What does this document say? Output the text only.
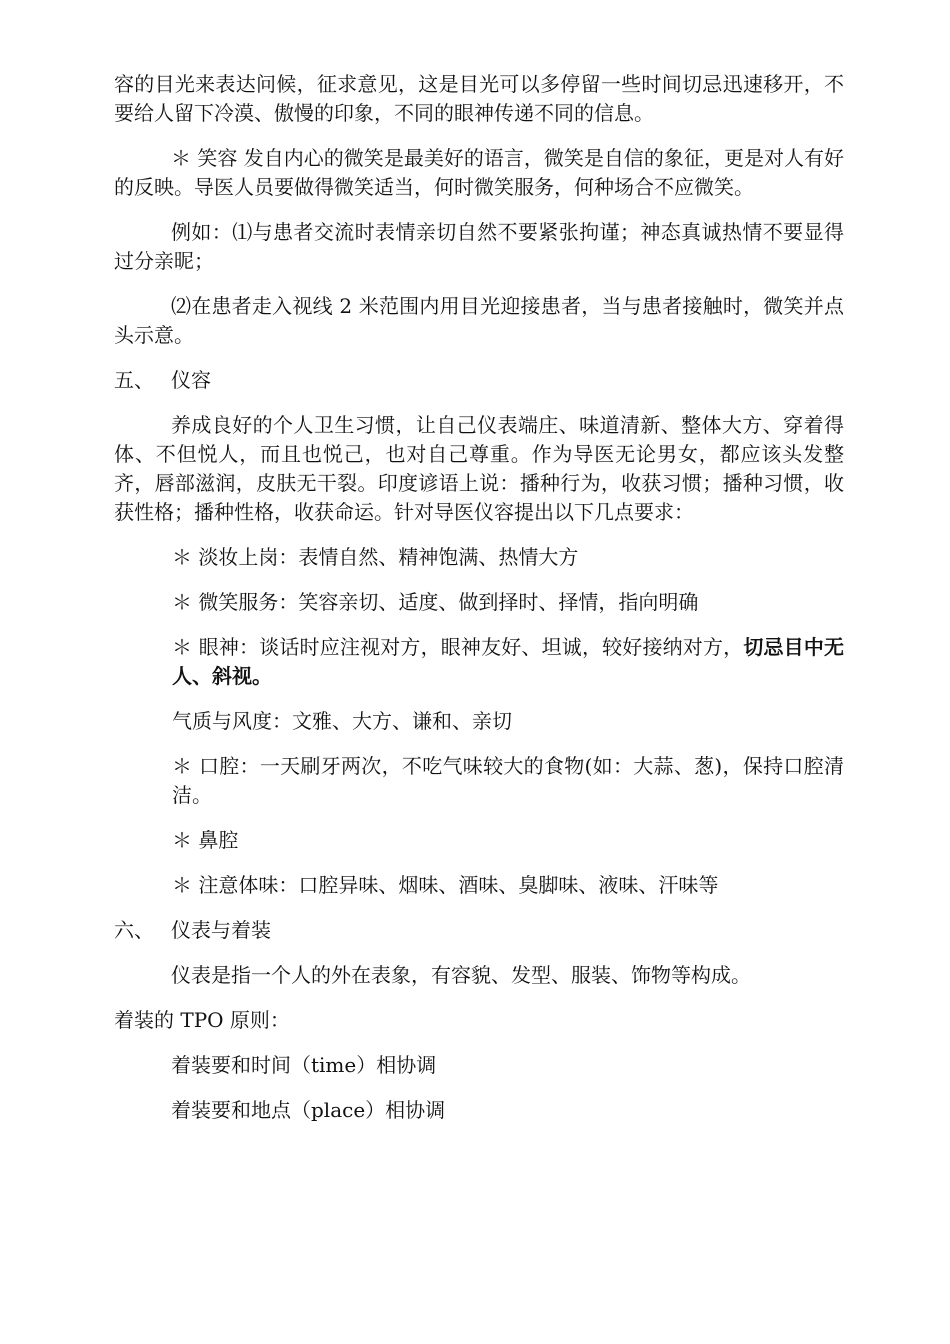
容的目光来表达问候，征求意见，这是目光可以多停留一些时间切忌迅速移开，不要给人留下冷漠、傲慢的印象，不同的眼神传递不同的信息。

＊ 笑容 发自内心的微笑是最美好的语言，微笑是自信的象征，更是对人有好的反映。导医人员要做得微笑适当，何时微笑服务，何种场合不应微笑。

例如：⑴与患者交流时表情亲切自然不要紧张拘谨；神态真诚热情不要显得过分亲昵；

⑵在患者走入视线 2 米范围内用目光迎接患者，当与患者接触时，微笑并点头示意。

五、 仪容

养成良好的个人卫生习惯，让自己仪表端庄、味道清新、整体大方、穿着得体、不但悦人，而且也悦己，也对自己尊重。作为导医无论男女，都应该头发整齐，唇部滋润，皮肤无干裂。印度谚语上说：播种行为，收获习惯；播种习惯，收获性格；播种性格，收获命运。针对导医仪容提出以下几点要求：

＊ 淡妆上岗：表情自然、精神饱满、热情大方

＊ 微笑服务：笑容亲切、适度、做到择时、择情，指向明确

＊ 眼神：谈话时应注视对方，眼神友好、坦诚，较好接纳对方，切忌目中无人、斜视。

气质与风度：文雅、大方、谦和、亲切

＊ 口腔：一天刷牙两次，不吃气味较大的食物(如：大蒜、葱)，保持口腔清洁。

＊ 鼻腔

＊ 注意体味：口腔异味、烟味、酒味、臭脚味、液味、汗味等

六、 仪表与着装

仪表是指一个人的外在表象，有容貌、发型、服装、饰物等构成。

着装的 TPO 原则：

着装要和时间（time）相协调

着装要和地点（place）相协调
